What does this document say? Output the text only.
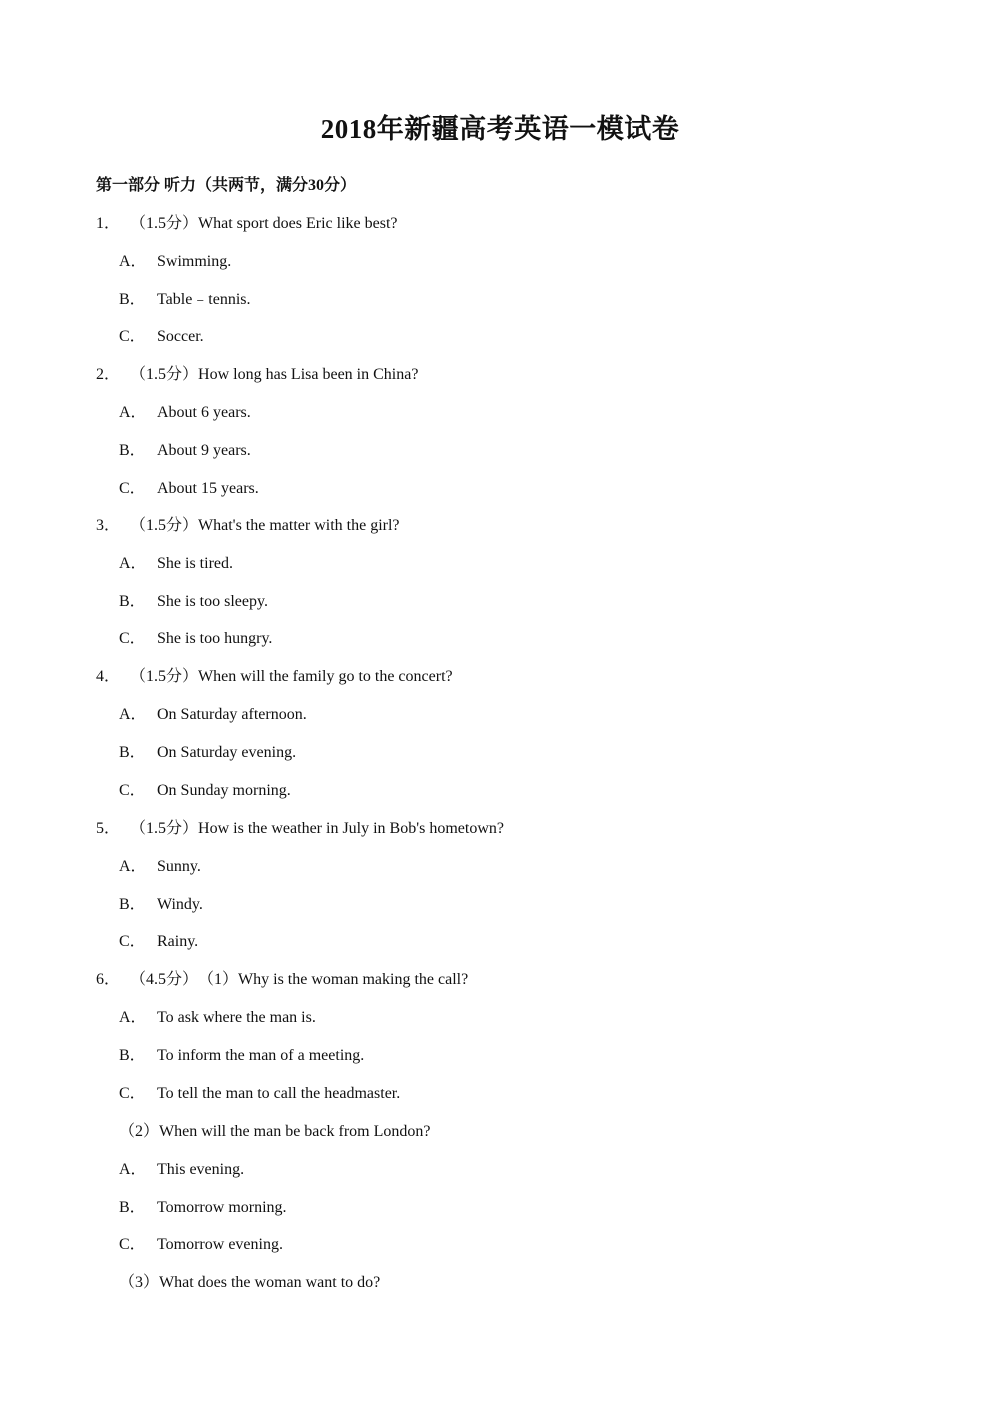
2018年新疆高考英语一模试卷
第一部分 听力（共两节，满分30分）
1． （1.5分）What sport does Eric like best?
A． Swimming.
B． Table﹣tennis.
C． Soccer.
2． （1.5分）How long has Lisa been in China?
A． About 6 years.
B． About 9 years.
C． About 15 years.
3． （1.5分）What's the matter with the girl?
A． She is tired.
B． She is too sleepy.
C． She is too hungry.
4． （1.5分）When will the family go to the concert?
A． On Saturday afternoon.
B． On Saturday evening.
C． On Sunday morning.
5． （1.5分）How is the weather in July in Bob's hometown?
A． Sunny.
B． Windy.
C． Rainy.
6． （4.5分）（1）Why is the woman making the call?
A． To ask where the man is.
B． To inform the man of a meeting.
C． To tell the man to call the headmaster.
（2）When will the man be back from London?
A． This evening.
B． Tomorrow morning.
C． Tomorrow evening.
（3）What does the woman want to do?
